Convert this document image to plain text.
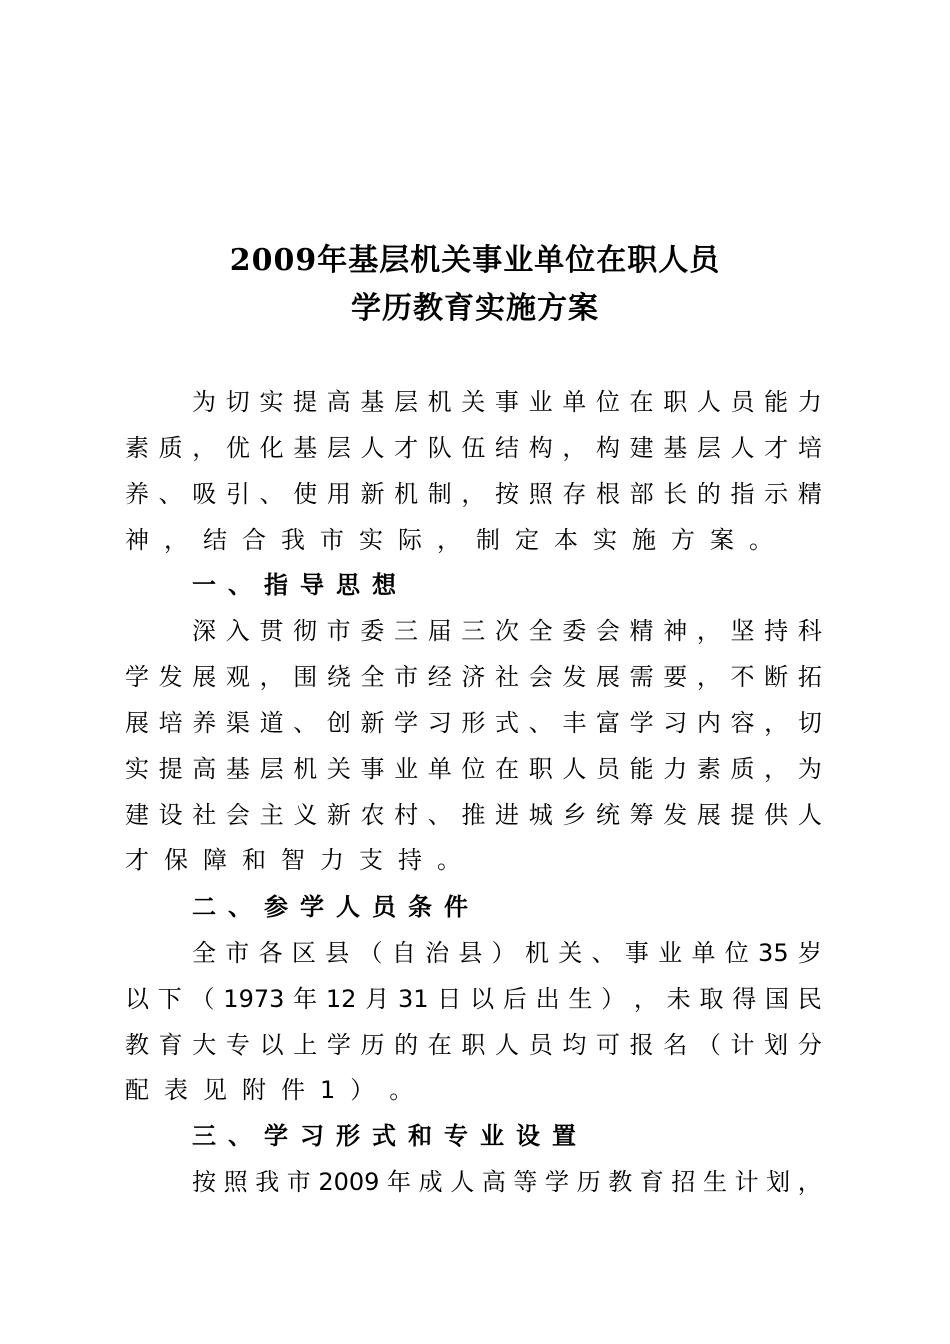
2009年基层机关事业单位在职人员
学历教育实施方案
为 切 实 提 高 基 层 机 关 事 业 单 位 在 职 人 员 能 力
素 质 ， 优 化 基 层 人 才 队 伍 结 构 ， 构 建 基 层 人 才 培
养 、 吸 引 、 使 用 新 机 制 ， 按 照 存 根 部 长 的 指 示 精
神 ， 结 合 我 市 实 际 ， 制 定 本 实 施 方 案 。
一 、 指 导 思 想
深 入 贯 彻 市 委 三 届 三 次 全 委 会 精 神 ， 坚 持 科
学 发 展 观 ， 围 绕 全 市 经 济 社 会 发 展 需 要 ， 不 断 拓
展 培 养 渠 道 、 创 新 学 习 形 式 、 丰 富 学 习 内 容 ， 切
实 提 高 基 层 机 关 事 业 单 位 在 职 人 员 能 力 素 质 ， 为
建 设 社 会 主 义 新 农 村 、 推 进 城 乡 统 筹 发 展 提 供 人
才 保 障 和 智 力 支 持 。
二 、 参 学 人 员 条 件
全 市 各 区 县 （ 自 治 县 ） 机 关 、 事 业 单 位 35 岁
以 下 （ 1973 年 12 月 31 日 以 后 出 生 ） ， 未 取 得 国 民
教 育 大 专 以 上 学 历 的 在 职 人 员 均 可 报 名 （ 计 划 分
配 表 见 附 件 1 ） 。
三 、 学 习 形 式 和 专 业 设 置
按 照 我 市 2009 年 成 人 高 等 学 历 教 育 招 生 计 划 ，
